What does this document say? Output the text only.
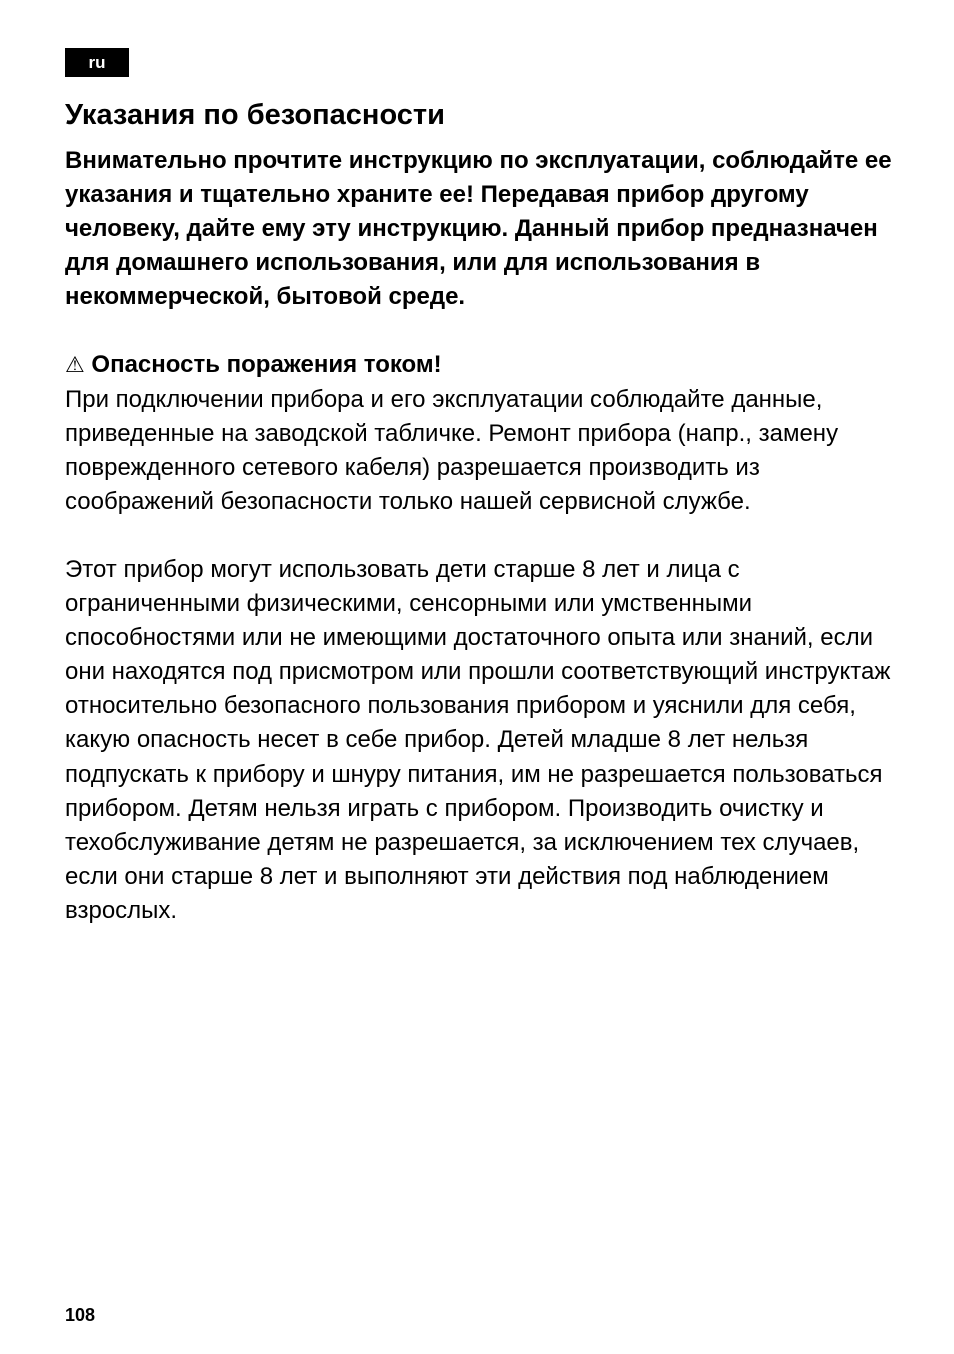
ru
Указания по безопасности

Внимательно прочтите инструкцию по эксплуатации, соблюдайте ее указания и тщательно храните ее! Передавая прибор другому человеку, дайте ему эту инструкцию. Данный прибор предназначен для домашнего использования, или для использования в некоммерческой, бытовой среде.

⚠ Опасность поражения током!

При подключении прибора и его эксплуатации соблюдайте данные, приведенные на заводской табличке. Ремонт прибора (напр., замену поврежденного сетевого кабеля) разрешается производить из соображений безопасности только нашей сервисной службе.

Этот прибор могут использовать дети старше 8 лет и лица с ограниченными физическими, сенсорными или умственными способностями или не имеющими достаточного опыта или знаний, если они находятся под присмотром или прошли соответствующий инструктаж относительно безопасного пользования прибором и уяснили для себя, какую опасность несет в себе прибор. Детей младше 8 лет нельзя подпускать к прибору и шнуру питания, им не разрешается пользоваться прибором. Детям нельзя играть с прибором. Производить очистку и техобслуживание детям не разрешается, за исключением тех случаев, если они старше 8 лет и выполняют эти действия под наблюдением взрослых.

108
